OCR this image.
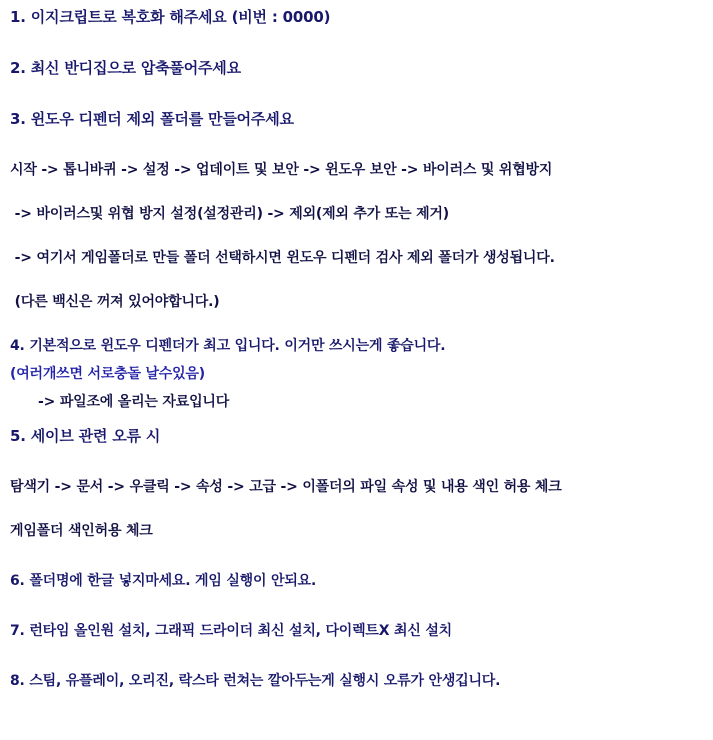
1. 이지크립트로 복호화 해주세요 (비번 : 0000)
2. 최신 반디집으로 압축풀어주세요
3. 윈도우 디펜더 제외 폴더를 만들어주세요
시작 -> 톱니바퀴 -> 설정 -> 업데이트 및 보안 -> 윈도우 보안 -> 바이러스 및 위협방지
-> 바이러스및 위협 방지 설정(설정관리) -> 제외(제외 추가 또는 제거)
-> 여기서 게임폴더로 만들 폴더 선택하시면 윈도우 디펜더 검사 제외 폴더가 생성됩니다.
(다른 백신은 꺼져 있어야합니다.)
4. 기본적으로 윈도우 디펜더가 최고 입니다. 이거만 쓰시는게 좋습니다.
(여러개쓰면 서로충돌 날수있음)
-> 파일조에 올리는 자료입니다
5. 세이브 관련 오류 시
탐색기 -> 문서 -> 우클릭 -> 속성 -> 고급 -> 이폴더의 파일 속성 및 내용 색인 허용 체크
게임폴더 색인허용 체크
6. 폴더명에 한글 넣지마세요. 게임 실행이 안되요.
7. 런타임 올인원 설치, 그래픽 드라이더 최신 설치, 다이렉트X 최신 설치
8. 스팀, 유플레이, 오리진, 락스타 런쳐는 깔아두는게 실행시 오류가 안생깁니다.
